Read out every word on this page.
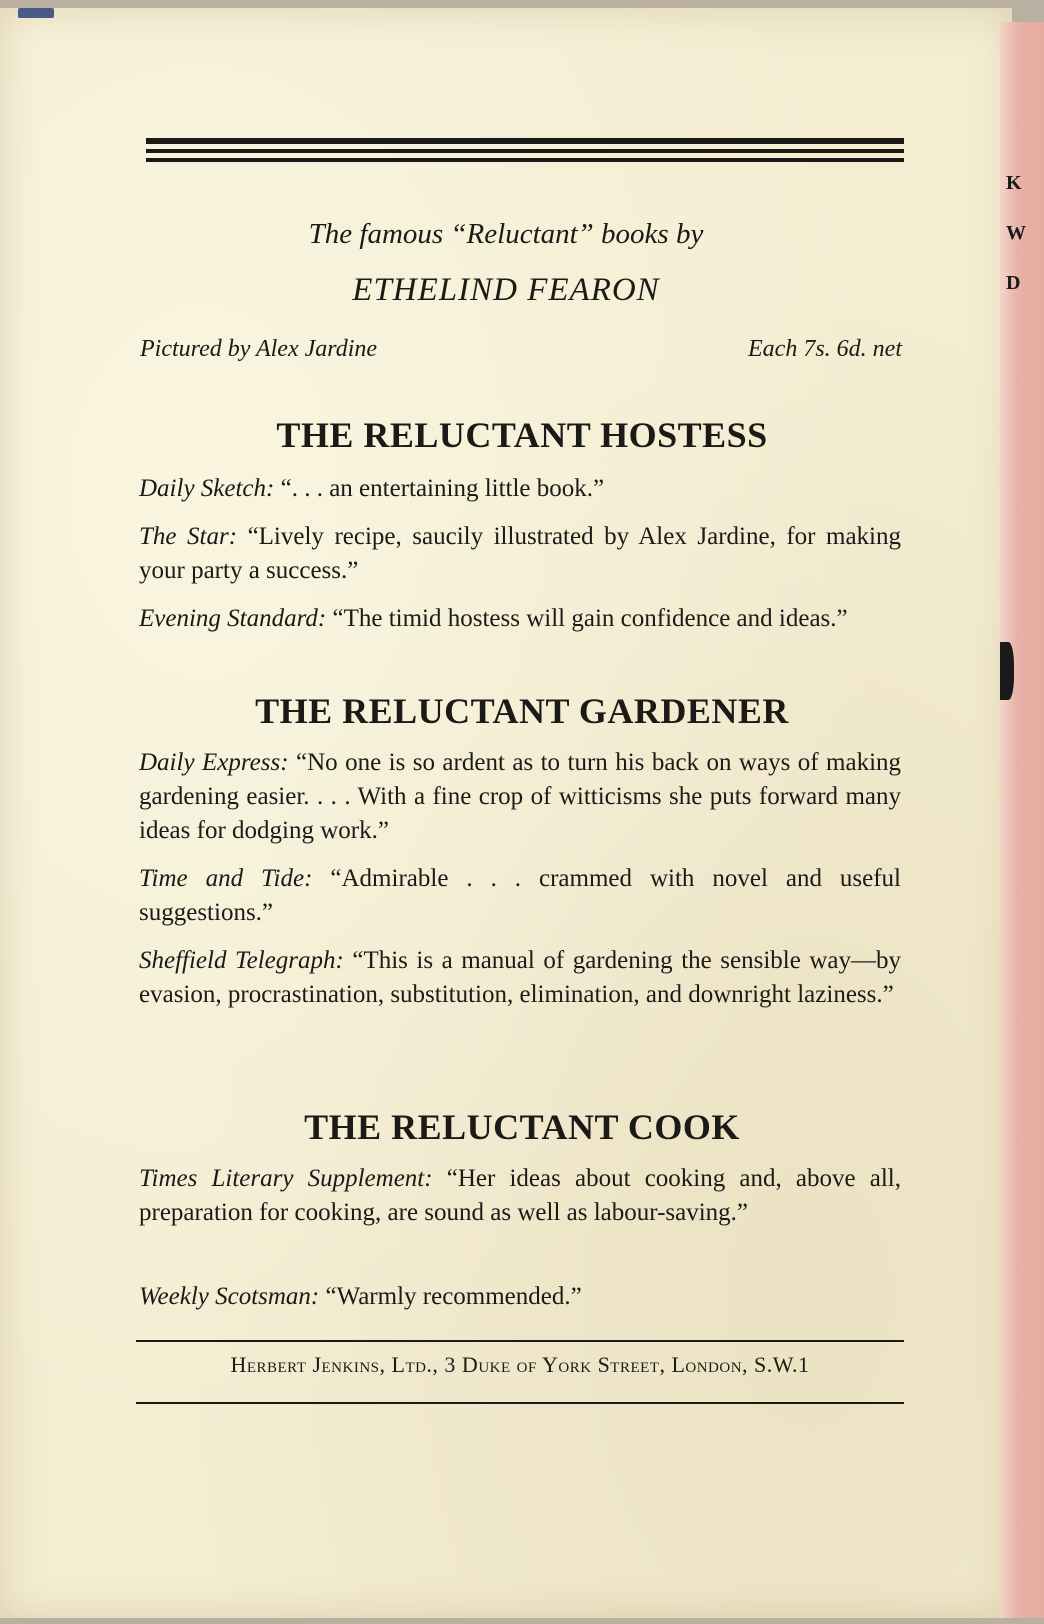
K
W
D
The famous “Reluctant” books by
ETHELIND FEARON
Pictured by Alex Jardine	Each 7s. 6d. net
THE RELUCTANT HOSTESS
Daily Sketch: “. . . an entertaining little book.”
The Star: “Lively recipe, saucily illustrated by Alex Jardine, for making your party a success.”
Evening Standard: “The timid hostess will gain confidence and ideas.”
THE RELUCTANT GARDENER
Daily Express: “No one is so ardent as to turn his back on ways of making gardening easier. . . . With a fine crop of witticisms she puts forward many ideas for dodging work.”
Time and Tide: “Admirable . . . crammed with novel and useful suggestions.”
Sheffield Telegraph: “This is a manual of gardening the sensible way—by evasion, procrastination, substitution, elimination, and downright laziness.”
THE RELUCTANT COOK
Times Literary Supplement: “Her ideas about cooking and, above all, preparation for cooking, are sound as well as labour-saving.”
Weekly Scotsman: “Warmly recommended.”
Herbert Jenkins, Ltd., 3 Duke of York Street, London, S.W.1
